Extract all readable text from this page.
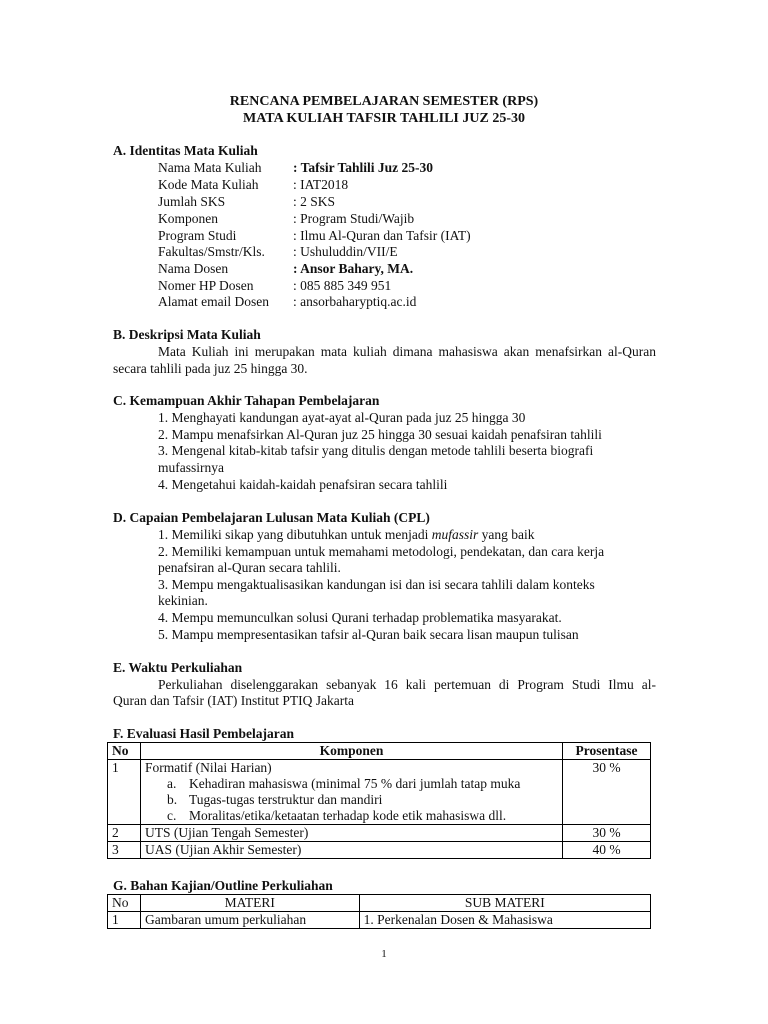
RENCANA PEMBELAJARAN SEMESTER (RPS)
MATA KULIAH TAFSIR TAHLILI JUZ 25-30
A. Identitas Mata Kuliah
Nama Mata Kuliah : Tafsir Tahlili Juz 25-30
Kode Mata Kuliah	: IAT2018
Jumlah SKS	: 2 SKS
Komponen	: Program Studi/Wajib
Program Studi	: Ilmu Al-Quran dan Tafsir (IAT)
Fakultas/Smstr/Kls. : Ushuluddin/VII/E
Nama Dosen	: Ansor Bahary, MA.
Nomer HP Dosen	: 085 885 349 951
Alamat email Dosen : ansorbaharyptiq.ac.id
B. Deskripsi Mata Kuliah
Mata Kuliah ini merupakan mata kuliah dimana mahasiswa akan menafsirkan al-Quran
secara tahlili pada juz 25 hingga 30.
C. Kemampuan Akhir Tahapan Pembelajaran
1. Menghayati kandungan ayat-ayat al-Quran pada juz 25 hingga 30
2. Mampu menafsirkan Al-Quran juz 25 hingga 30 sesuai kaidah penafsiran tahlili
3. Mengenal kitab-kitab tafsir yang ditulis dengan metode tahlili beserta biografi
mufassirnya
4. Mengetahui kaidah-kaidah penafsiran secara tahlili
D. Capaian Pembelajaran Lulusan Mata Kuliah (CPL)
1. Memiliki sikap yang dibutuhkan untuk menjadi mufassir yang baik
2. Memiliki kemampuan untuk memahami metodologi, pendekatan, dan cara kerja
penafsiran al-Quran secara tahlili.
3. Mempu mengaktualisasikan kandungan isi dan isi secara tahlili dalam konteks
kekinian.
4. Mempu memunculkan solusi Qurani terhadap problematika masyarakat.
5. Mampu mempresentasikan tafsir al-Quran baik secara lisan maupun tulisan
E. Waktu Perkuliahan
Perkuliahan diselenggarakan sebanyak 16 kali pertemuan di Program Studi Ilmu al-
Quran dan Tafsir (IAT) Institut PTIQ Jakarta
F. Evaluasi Hasil Pembelajaran
No	Komponen	Prosentase
1	Formatif (Nilai Harian)
a. Kehadiran mahasiswa (minimal 75 % dari jumlah tatap muka
b. Tugas-tugas terstruktur dan mandiri
c. Moralitas/etika/ketaatan terhadap kode etik mahasiswa dll.	30 %
2	UTS (Ujian Tengah Semester)	30 %
3	UAS (Ujian Akhir Semester)	40 %
G. Bahan Kajian/Outline Perkuliahan
No	MATERI	SUB MATERI
1	Gambaran umum perkuliahan	1. Perkenalan Dosen & Mahasiswa
1
